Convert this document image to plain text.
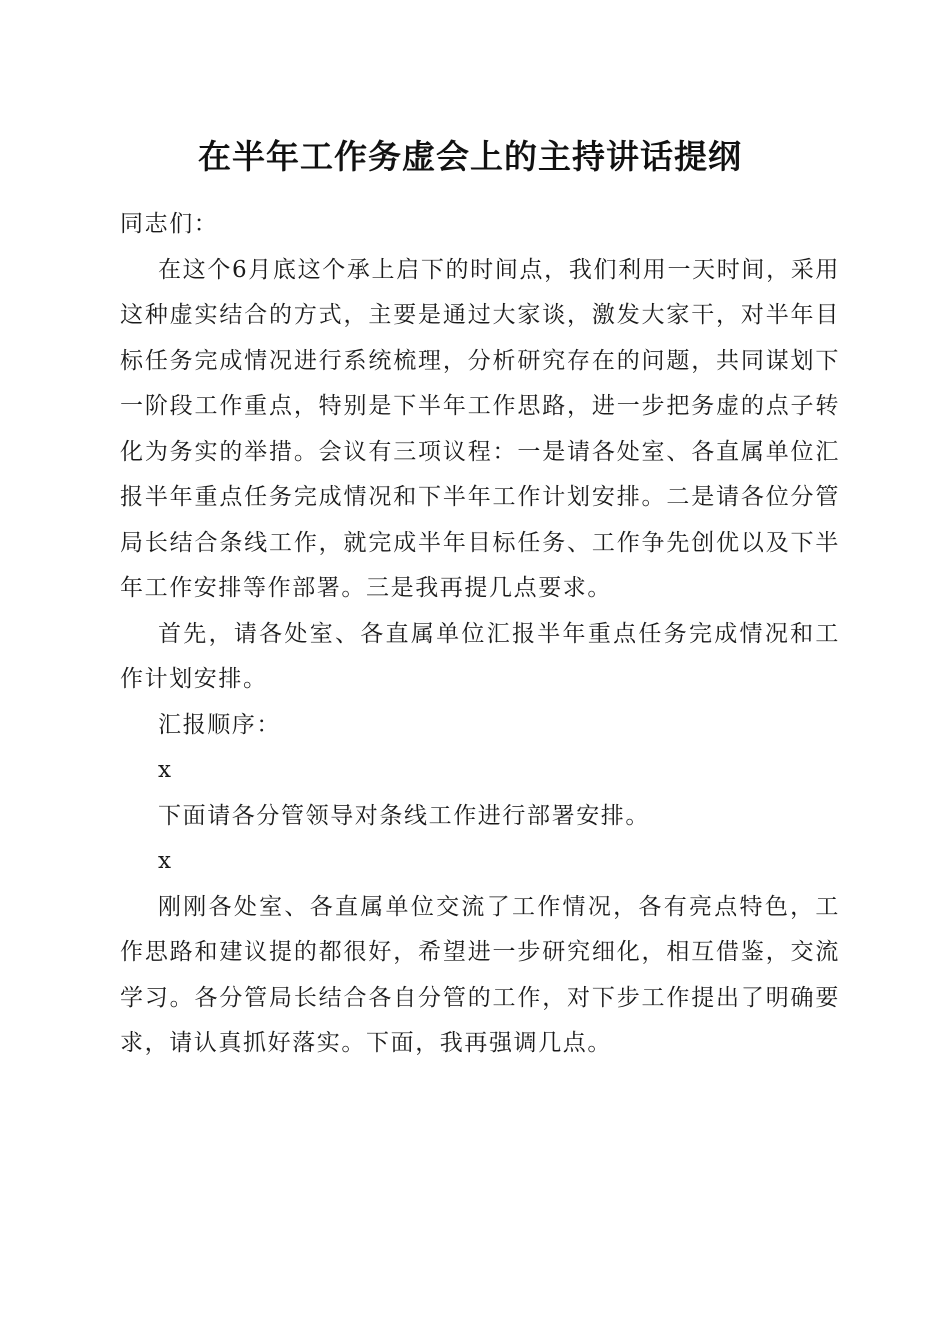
在半年工作务虚会上的主持讲话提纲

同志们：

在这个6月底这个承上启下的时间点，我们利用一天时间，采用这种虚实结合的方式，主要是通过大家谈，激发大家干，对半年目标任务完成情况进行系统梳理，分析研究存在的问题，共同谋划下一阶段工作重点，特别是下半年工作思路，进一步把务虚的点子转化为务实的举措。会议有三项议程：一是请各处室、各直属单位汇报半年重点任务完成情况和下半年工作计划安排。二是请各位分管局长结合条线工作，就完成半年目标任务、工作争先创优以及下半年工作安排等作部署。三是我再提几点要求。

首先，请各处室、各直属单位汇报半年重点任务完成情况和工作计划安排。

汇报顺序：

x

下面请各分管领导对条线工作进行部署安排。

x

刚刚各处室、各直属单位交流了工作情况，各有亮点特色，工作思路和建议提的都很好，希望进一步研究细化，相互借鉴，交流学习。各分管局长结合各自分管的工作，对下步工作提出了明确要求，请认真抓好落实。下面，我再强调几点。
